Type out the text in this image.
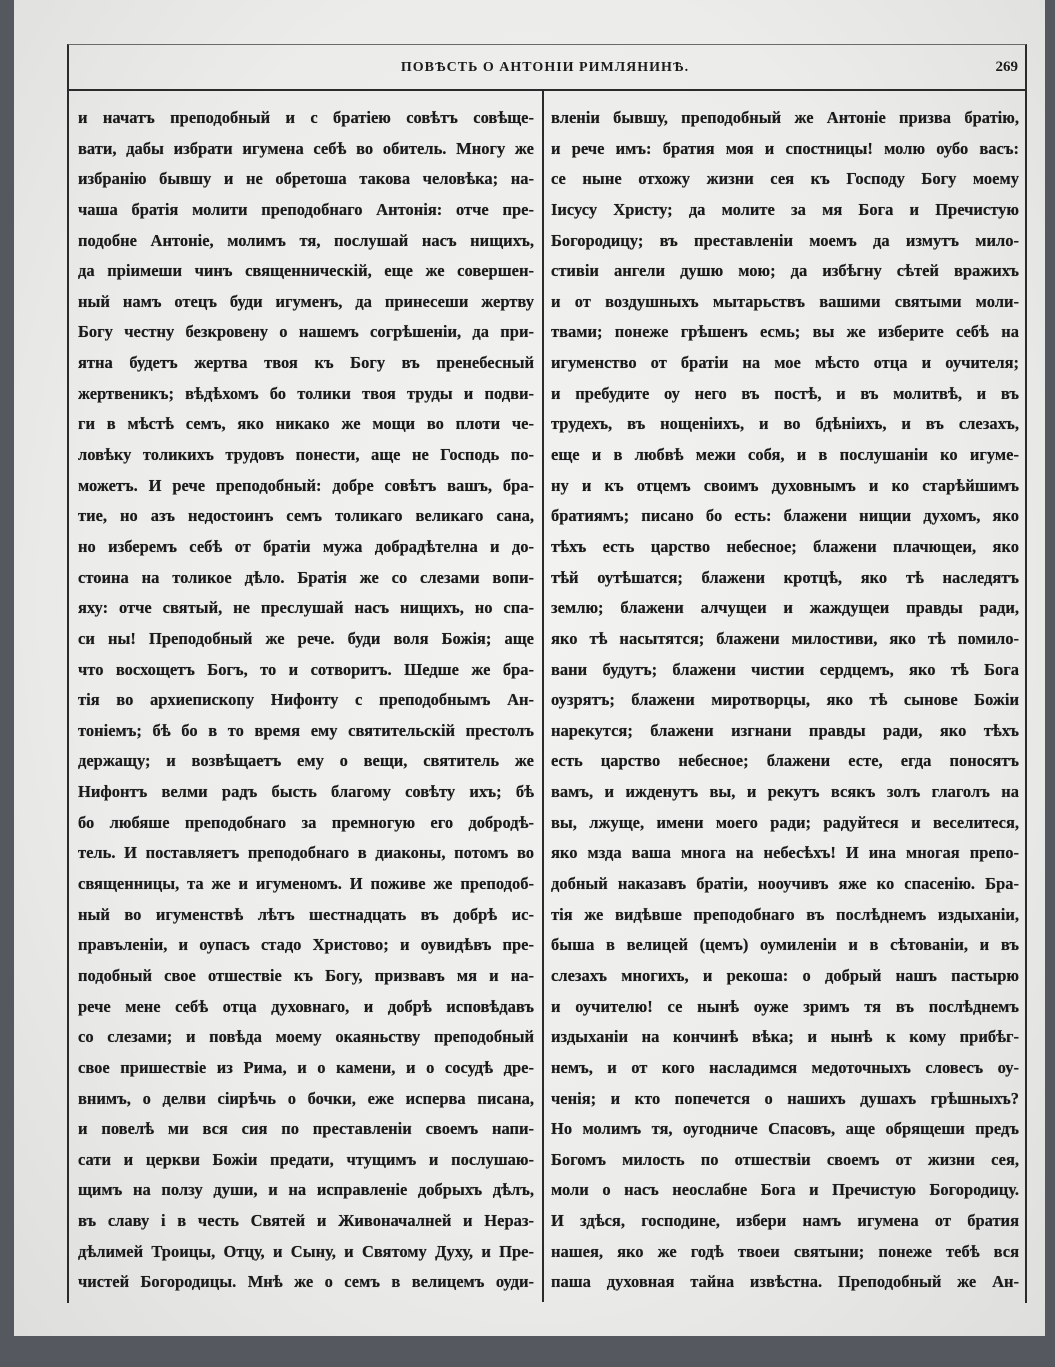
ПОВѢСТЬ О АНТОНІИ РИМЛЯНИНѢ.	269
и начатъ преподобный и с братіею совѣтъ совѣще-
вати, дабы избрати игумена себѣ во обитель. Многу же
избранію бывшу и не обретоша такова человѣка; на-
чаша братія молити преподобнаго Антонія: отче пре-
подобне Антоніе, молимъ тя, послушай насъ нищихъ,
да пріимеши чинъ священническій, еще же совершен-
ный намъ отецъ буди игуменъ, да принесеши жертву
Богу честну безкровену о нашемъ согрѣшеніи, да при-
ятна будетъ жертва твоя къ Богу въ пренебесный
жертвеникъ; вѣдѣхомъ бо толики твоя труды и подви-
ги в мѣстѣ семъ, яко никако же мощи во плоти че-
ловѣку толикихъ трудовъ понести, аще не Господь по-
можетъ. И рече преподобный: добре совѣтъ вашъ, бра-
тие, но азъ недостоинъ семъ толикаго великаго сана,
но изберемъ себѣ от братіи мужа добрадѣтелна и до-
стоина на толикое дѣло. Братія же со слезами вопи-
яху: отче святый, не преслушай насъ нищихъ, но спа-
си ны! Преподобный же рече. буди воля Божія; аще
что восхощетъ Богъ, то и сотворитъ. Шедше же бра-
тія во архиепископу Нифонту с преподобнымъ Ан-
тоніемъ; бѣ бо в то время ему святительскій престолъ
держащу; и возвѣщаетъ ему о вещи, святитель же
Нифонтъ велми радъ бысть благому совѣту ихъ; бѣ
бо любяше преподобнаго за премногую его добродѣ-
тель. И поставляетъ преподобнаго в диаконы, потомъ во
священницы, та же и игуменомъ. И поживе же преподоб-
ный во игуменствѣ лѣтъ шестнадцать въ добрѣ ис-
правъленіи, и оупасъ стадо Христово; и оувидѣвъ пре-
подобный свое отшествіе къ Богу, призвавъ мя и на-
рече мене себѣ отца духовнаго, и добрѣ исповѣдавъ
со слезами; и повѣда моему окаяньству преподобный
свое пришествіе из Рима, и о камени, и о сосудѣ дре-
внимъ, о делви сіирѣчь о бочки, еже исперва писана,
и повелѣ ми вся сия по преставленіи своемъ напи-
сати и церкви Божіи предати, чтущимъ и послушаю-
щимъ на ползу души, и на исправленіе добрыхъ дѣлъ,
въ славу і в честь Святей и Живоначалней и Нераз-
дѣлимей Троицы, Отцу, и Сыну, и Святому Духу, и Пре-
чистей Богородицы. Мнѣ же о семъ в велицемъ оуди-
вленіи бывшу, преподобный же Антоніе призва братію,
и рече имъ: братия моя и спостницы! молю оубо васъ:
се ныне отхожу жизни сея къ Господу Богу моему
Іисусу Христу; да молите за мя Бога и Пречистую
Богородицу; въ преставленіи моемъ да измутъ мило-
стивіи ангели душю мою; да избѣгну сѣтей вражихъ
и от воздушныхъ мытарьствъ вашими святыми моли-
твами; понеже грѣшенъ есмь; вы же изберите себѣ на
игуменство от братіи на мое мѣсто отца и оучителя;
и пребудите оу него въ постѣ, и въ молитвѣ, и въ
трудехъ, въ нощеніихъ, и во бдѣніихъ, и въ слезахъ,
еще и в любвѣ межи собя, и в послушаніи ко игуме-
ну и къ отцемъ своимъ духовнымъ и ко старѣйшимъ
братиямъ; писано бо есть: блажени нищии духомъ, яко
тѣхъ есть царство небесное; блажени плачющеи, яко
тѣй оутѣшатся; блажени кротцѣ, яко тѣ наследятъ
землю; блажени алчущеи и жаждущеи правды ради,
яко тѣ насытятся; блажени милостиви, яко тѣ помило-
вани будутъ; блажени чистии сердцемъ, яко тѣ Бога
оузрятъ; блажени миротворцы, яко тѣ сынове Божіи
нарекутся; блажени изгнани правды ради, яко тѣхъ
есть царство небесное; блажени есте, егда поносятъ
вамъ, и ижденутъ вы, и рекутъ всякъ золъ глаголъ на
вы, лжуще, имени моего ради; радуйтеся и веселитеся,
яко мзда ваша многа на небесѣхъ! И ина многая препо-
добный наказавъ братіи, нооучивъ яже ко спасенію. Бра-
тія же видѣвше преподобнаго въ послѣднемъ издыханіи,
быша в велицей (цемъ) оумиленіи и в сѣтованіи, и въ
слезахъ многихъ, и рекоша: о добрый нашъ пастырю
и оучителю! се нынѣ оуже зримъ тя въ послѣднемъ
издыханіи на кончинѣ вѣка; и нынѣ к кому прибѣг-
немъ, и от кого насладимся медоточныхъ словесъ оу-
ченія; и кто попечется о нашихъ душахъ грѣшныхъ?
Но молимъ тя, оугодниче Спасовъ, аще обрящеши предъ
Богомъ милость по отшествіи своемъ от жизни сея,
моли о насъ неослабне Бога и Пречистую Богородицу.
И здѣся, господине, избери намъ игумена от братия
нашея, яко же годѣ твоеи святыни; понеже тебѣ вся
паша духовная тайна извѣстна. Преподобный же Ан-
